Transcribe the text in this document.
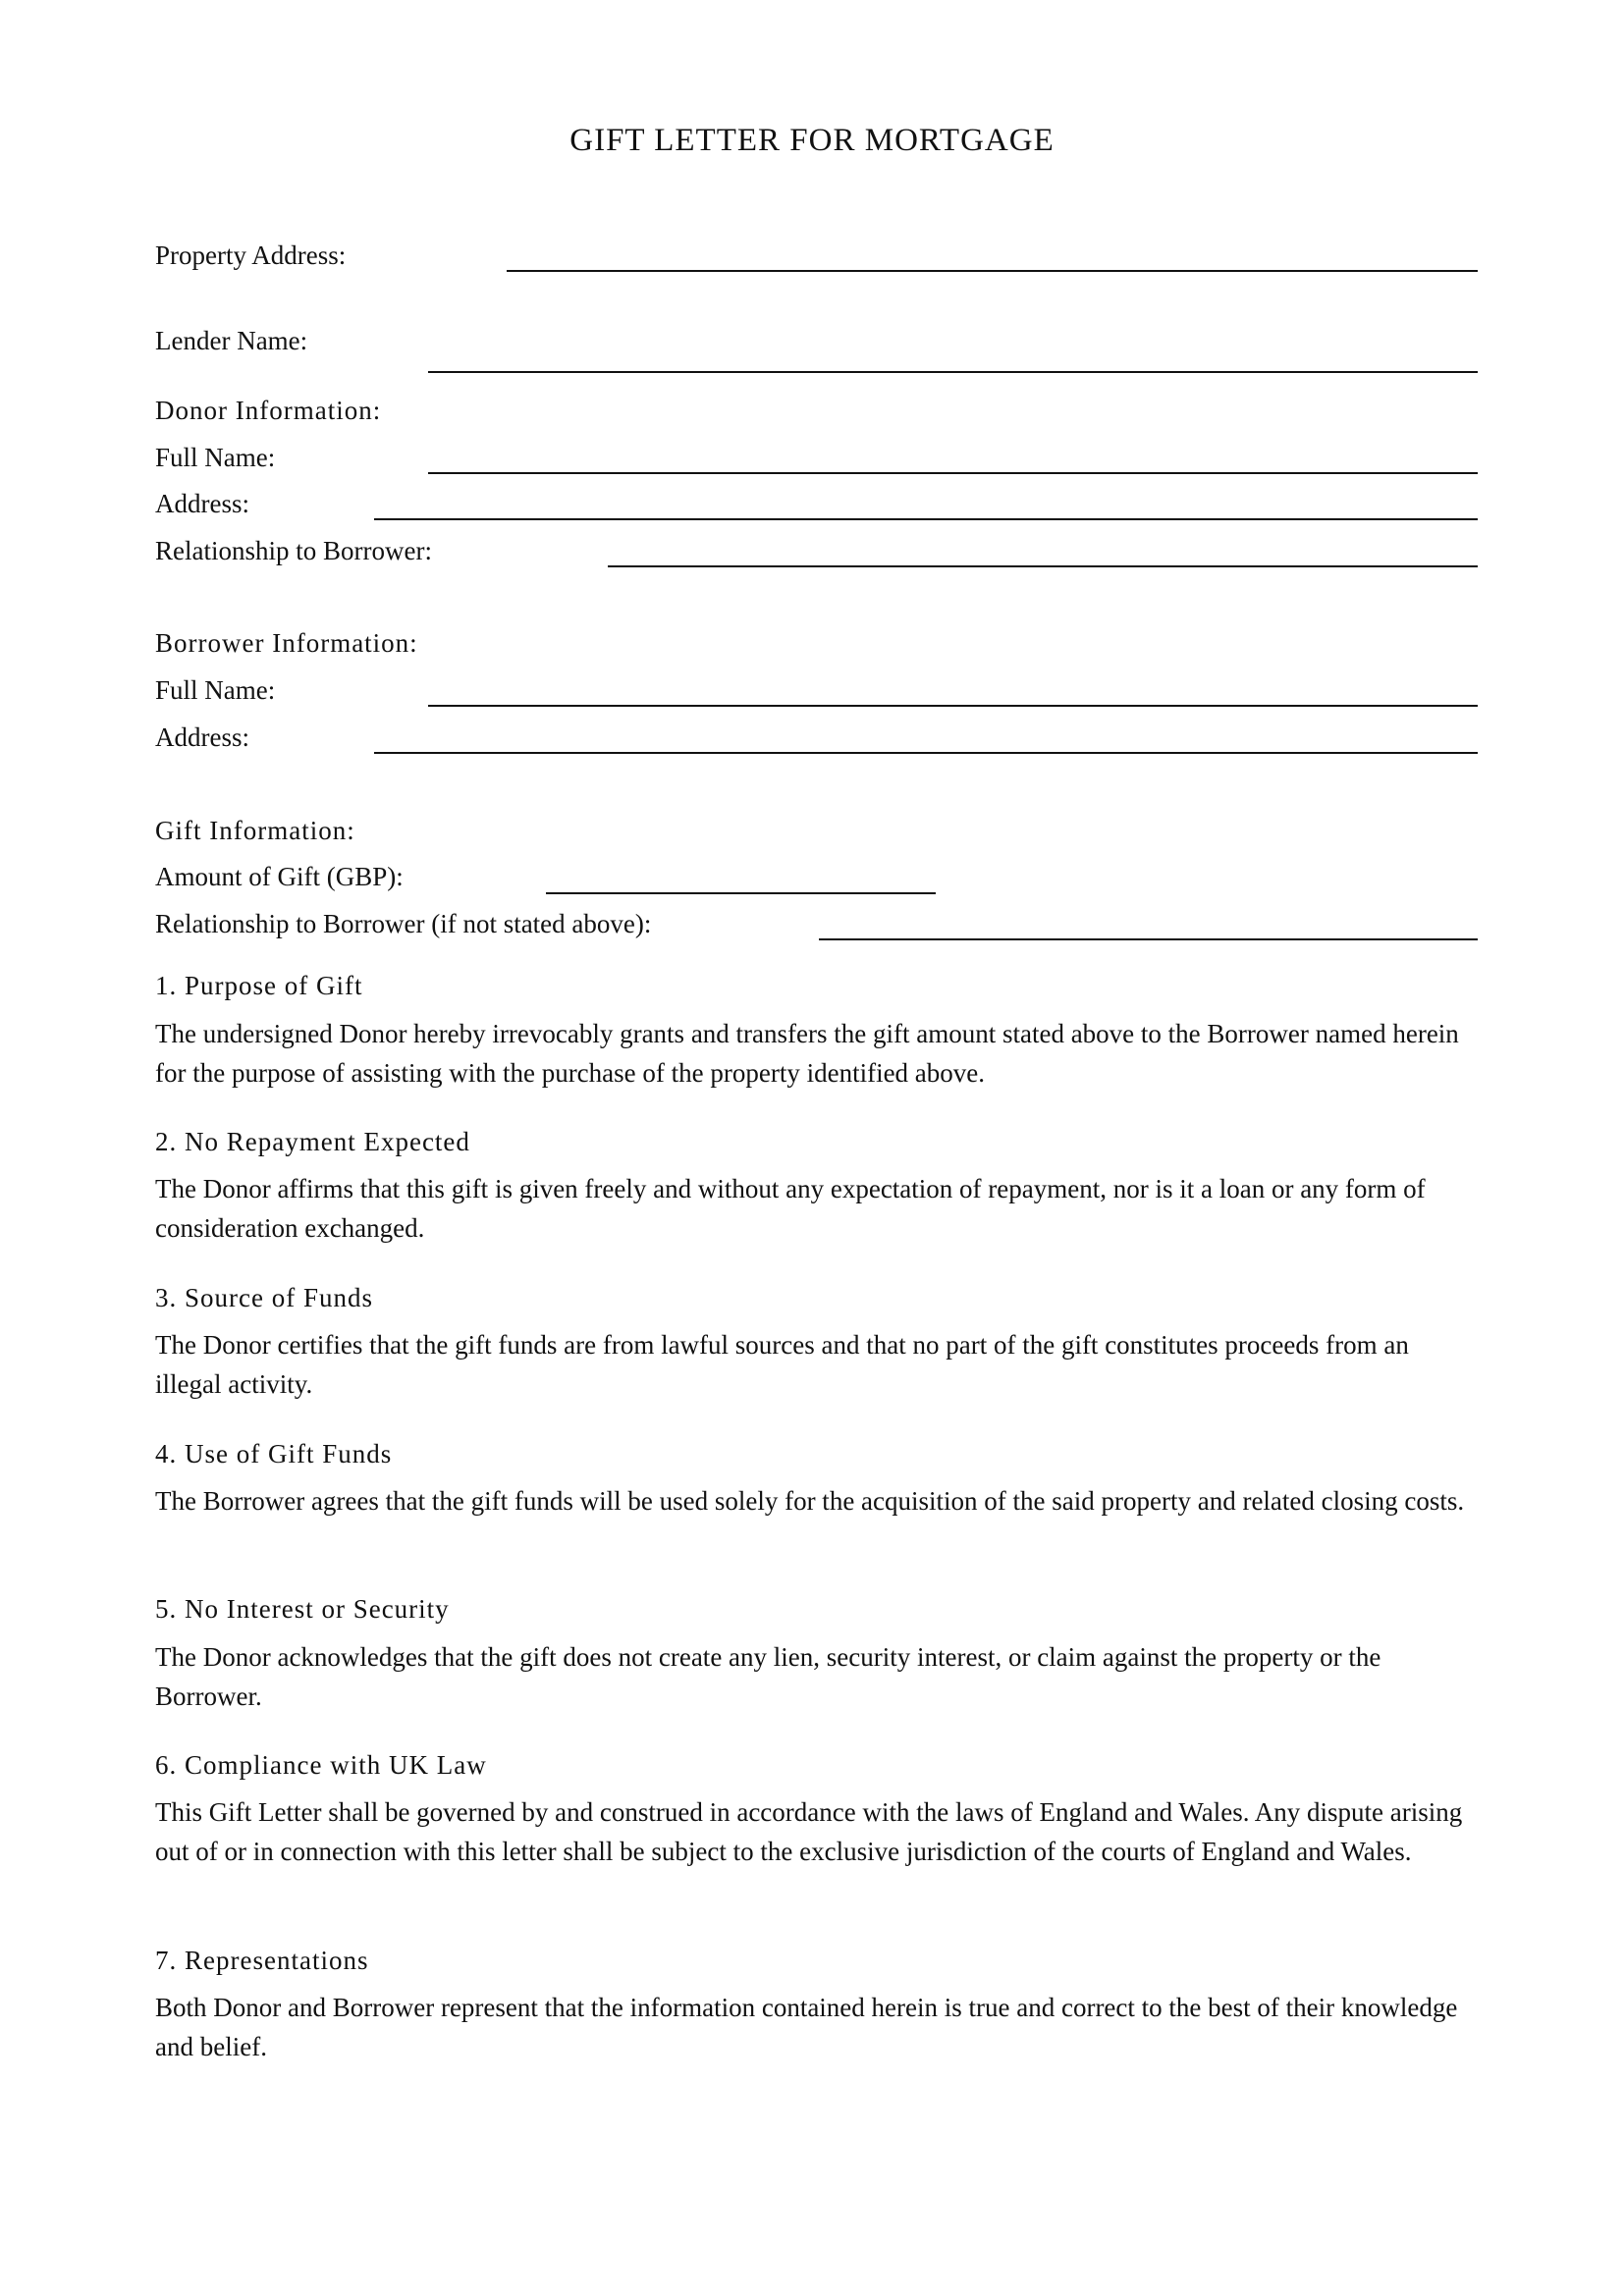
GIFT LETTER FOR MORTGAGE
Property Address:
Lender Name:
Donor Information:
Full Name:
Address:
Relationship to Borrower:
Borrower Information:
Full Name:
Address:
Gift Information:
Amount of Gift (GBP):
Relationship to Borrower (if not stated above):
1. Purpose of Gift
The undersigned Donor hereby irrevocably grants and transfers the gift amount stated above to the Borrower named herein for the purpose of assisting with the purchase of the property identified above.
2. No Repayment Expected
The Donor affirms that this gift is given freely and without any expectation of repayment, nor is it a loan or any form of consideration exchanged.
3. Source of Funds
The Donor certifies that the gift funds are from lawful sources and that no part of the gift constitutes proceeds from an illegal activity.
4. Use of Gift Funds
The Borrower agrees that the gift funds will be used solely for the acquisition of the said property and related closing costs.
5. No Interest or Security
The Donor acknowledges that the gift does not create any lien, security interest, or claim against the property or the Borrower.
6. Compliance with UK Law
This Gift Letter shall be governed by and construed in accordance with the laws of England and Wales. Any dispute arising out of or in connection with this letter shall be subject to the exclusive jurisdiction of the courts of England and Wales.
7. Representations
Both Donor and Borrower represent that the information contained herein is true and correct to the best of their knowledge and belief.
